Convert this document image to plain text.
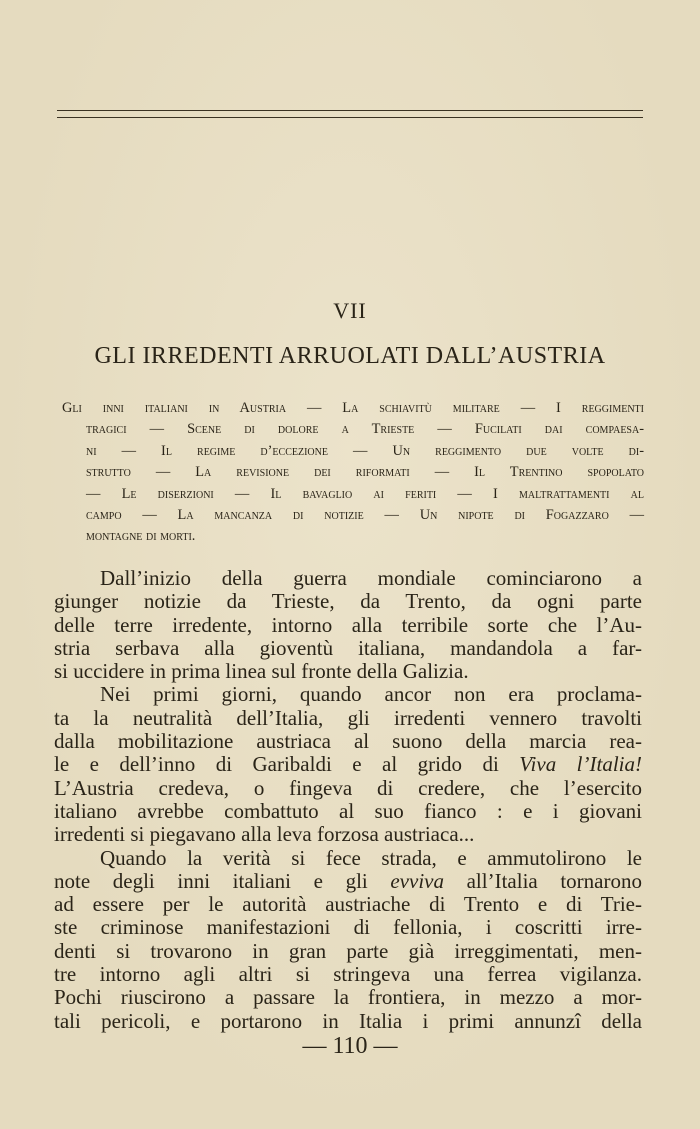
VII
GLI IRREDENTI ARRUOLATI DALL’AUSTRIA
Gli inni italiani in Austria — La schiavitù militare — I reggimenti
tragici — Scene di dolore a Trieste — Fucilati dai compaesa-
ni — Il regime d’eccezione — Un reggimento due volte di-
strutto — La revisione dei riformati — Il Trentino spopolato
— Le diserzioni — Il bavaglio ai feriti — I maltrattamenti al
campo — La mancanza di notizie — Un nipote di Fogazzaro —
montagne di morti.
Dall’inizio della guerra mondiale cominciarono a
giunger notizie da Trieste, da Trento, da ogni parte
delle terre irredente, intorno alla terribile sorte che l’Au-
stria serbava alla gioventù italiana, mandandola a far-
si uccidere in prima linea sul fronte della Galizia.
Nei primi giorni, quando ancor non era proclama-
ta la neutralità dell’Italia, gli irredenti vennero travolti
dalla mobilitazione austriaca al suono della marcia rea-
le e dell’inno di Garibaldi e al grido di Viva l’Italia!
L’Austria credeva, o fingeva di credere, che l’esercito
italiano avrebbe combattuto al suo fianco : e i giovani
irredenti si piegavano alla leva forzosa austriaca...
Quando la verità si fece strada, e ammutolirono le
note degli inni italiani e gli evviva all’Italia tornarono
ad essere per le autorità austriache di Trento e di Trie-
ste criminose manifestazioni di fellonia, i coscritti irre-
denti si trovarono in gran parte già irreggimentati, men-
tre intorno agli altri si stringeva una ferrea vigilanza.
Pochi riuscirono a passare la frontiera, in mezzo a mor-
tali pericoli, e portarono in Italia i primi annunzî della
— 110 —
